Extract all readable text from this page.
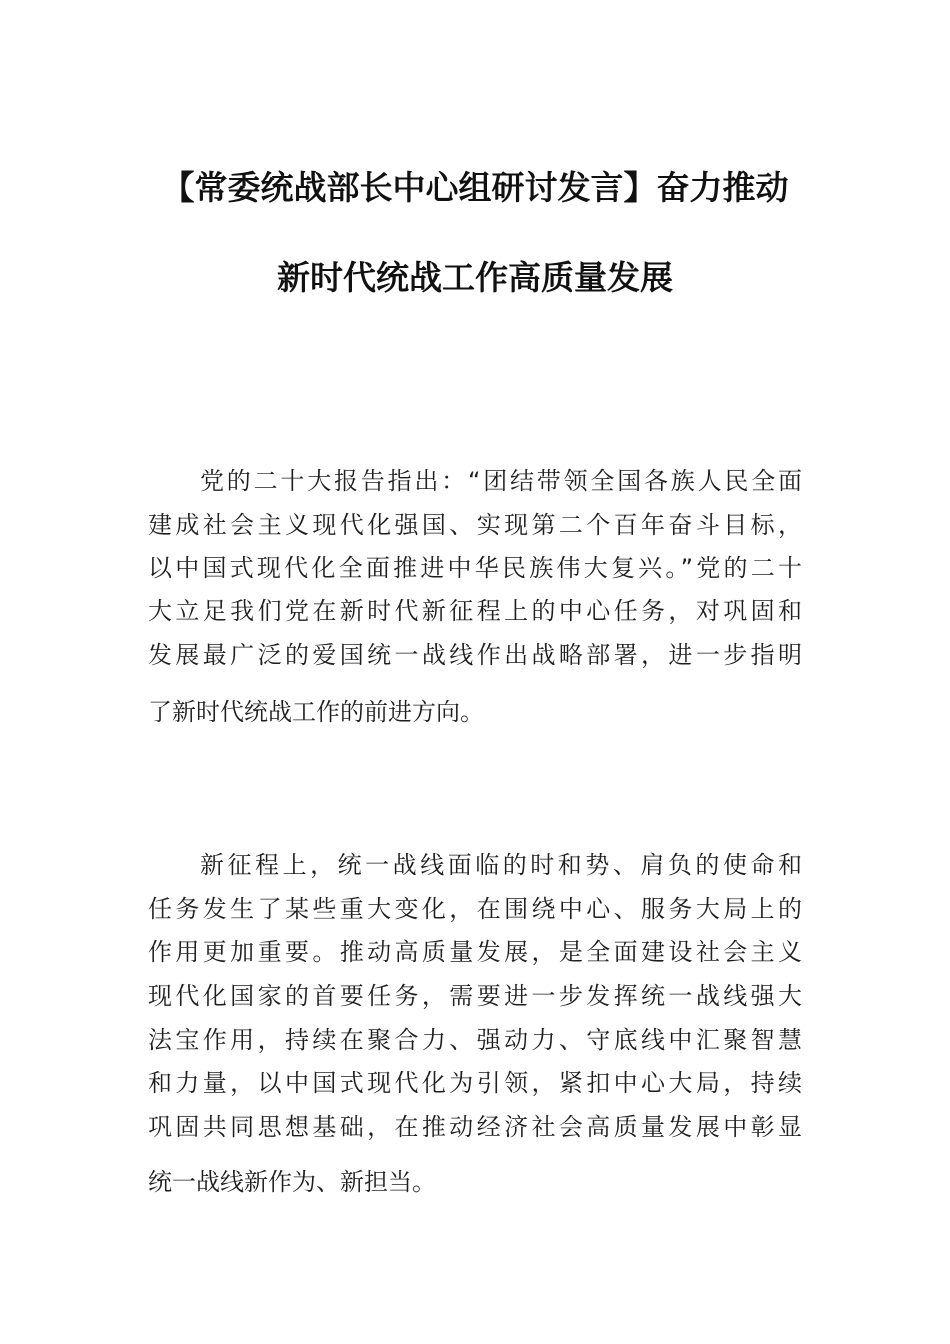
【常委统战部长中心组研讨发言】奋力推动
新时代统战工作高质量发展
党的二十大报告指出：“团结带领全国各族人民全面
建成社会主义现代化强国、实现第二个百年奋斗目标，
以中国式现代化全面推进中华民族伟大复兴。”党的二十
大立足我们党在新时代新征程上的中心任务，对巩固和
发展最广泛的爱国统一战线作出战略部署，进一步指明
了新时代统战工作的前进方向。
新征程上，统一战线面临的时和势、肩负的使命和
任务发生了某些重大变化，在围绕中心、服务大局上的
作用更加重要。推动高质量发展，是全面建设社会主义
现代化国家的首要任务，需要进一步发挥统一战线强大
法宝作用，持续在聚合力、强动力、守底线中汇聚智慧
和力量，以中国式现代化为引领，紧扣中心大局，持续
巩固共同思想基础，在推动经济社会高质量发展中彰显
统一战线新作为、新担当。
